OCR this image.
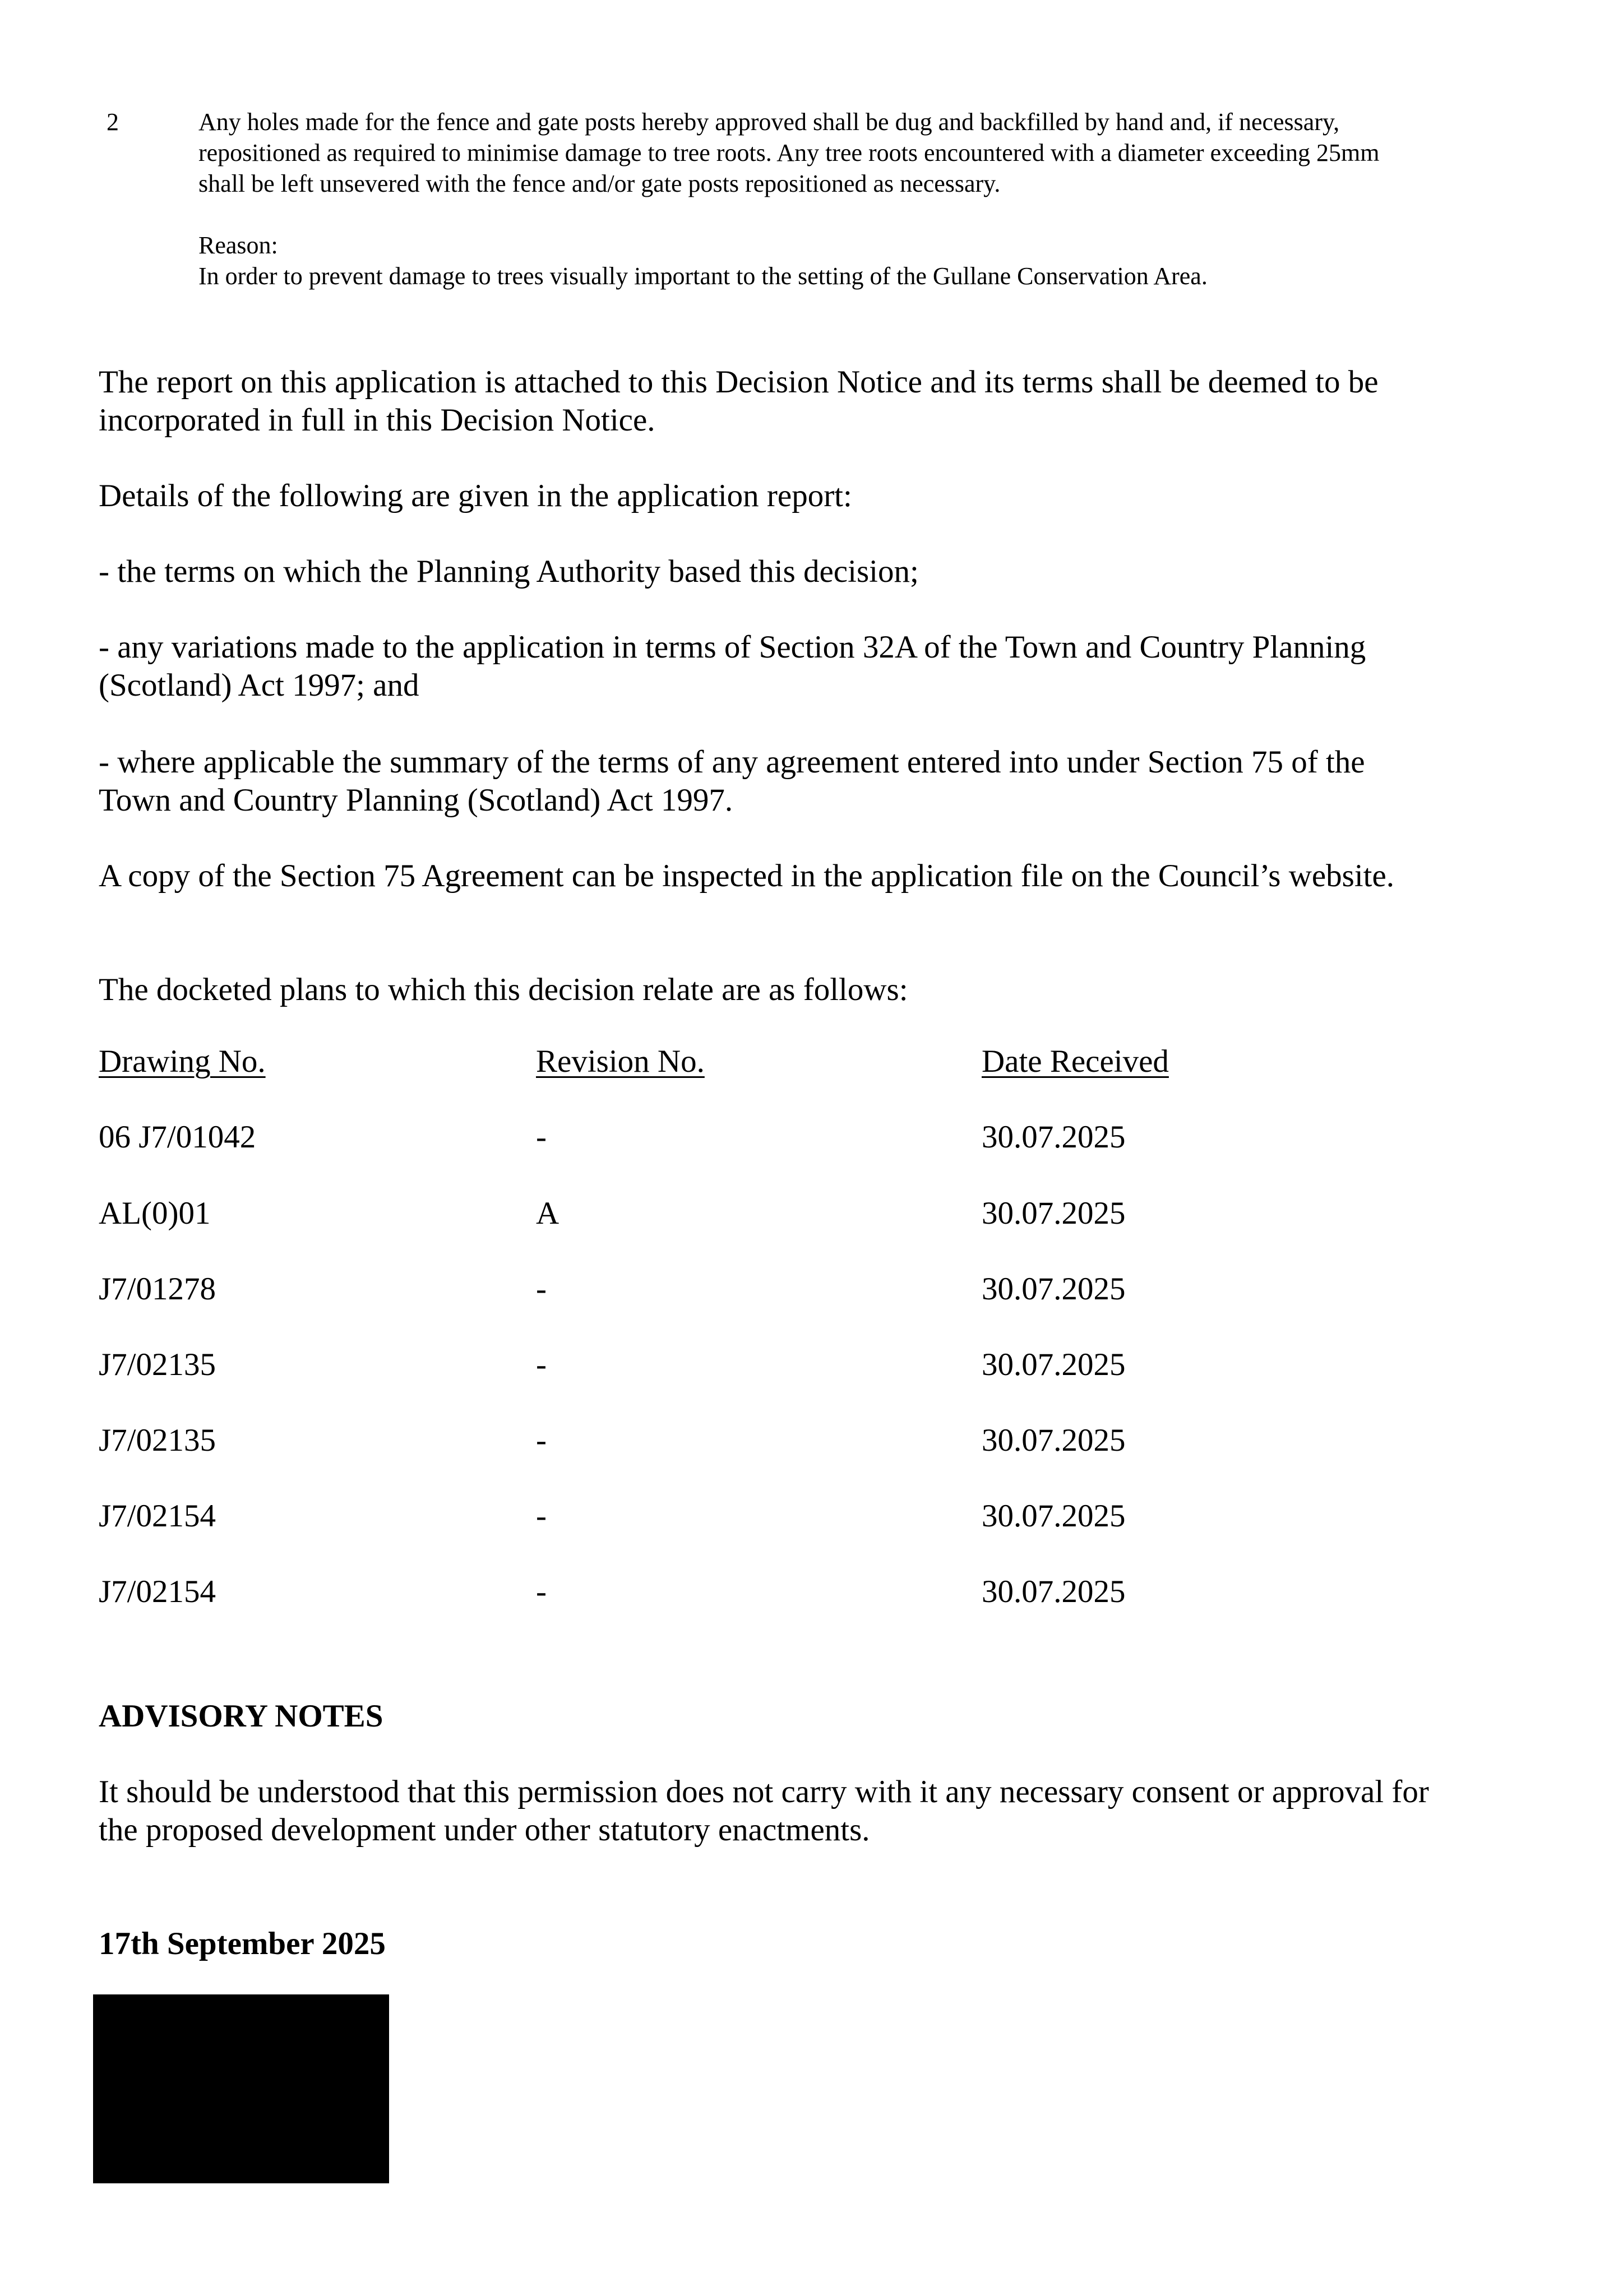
2	Any holes made for the fence and gate posts hereby approved shall be dug and backfilled by hand and, if necessary, repositioned as required to minimise damage to tree roots. Any tree roots encountered with a diameter exceeding 25mm shall be left unsevered with the fence and/or gate posts repositioned as necessary.

Reason:

In order to prevent damage to trees visually important to the setting of the Gullane Conservation Area.

The report on this application is attached to this Decision Notice and its terms shall be deemed to be incorporated in full in this Decision Notice.

Details of the following are given in the application report:

- the terms on which the Planning Authority based this decision;

- any variations made to the application in terms of Section 32A of the Town and Country Planning (Scotland) Act 1997; and

- where applicable the summary of the terms of any agreement entered into under Section 75 of the Town and Country Planning (Scotland) Act 1997.

A copy of the Section 75 Agreement can be inspected in the application file on the Council’s website.

The docketed plans to which this decision relate are as follows:

Drawing No.	Revision No.	Date Received
06 J7/01042	-	30.07.2025
AL(0)01	A	30.07.2025
J7/01278	-	30.07.2025
J7/02135	-	30.07.2025
J7/02135	-	30.07.2025
J7/02154	-	30.07.2025
J7/02154	-	30.07.2025

ADVISORY NOTES

It should be understood that this permission does not carry with it any necessary consent or approval for the proposed development under other statutory enactments.

17th September 2025
